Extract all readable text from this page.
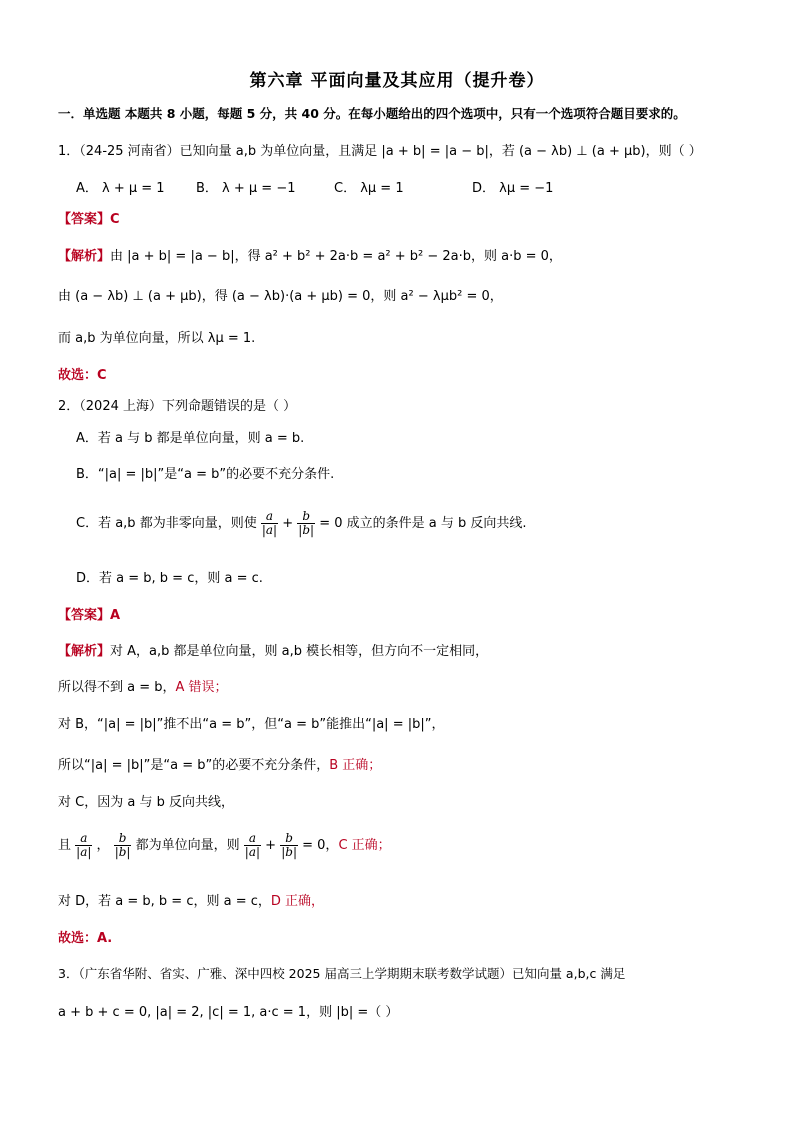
第六章 平面向量及其应用（提升卷）
一．单选题 本题共 8 小题，每题 5 分，共 40 分。在每小题给出的四个选项中，只有一个选项符合题目要求的。
1．（24-25 河南省）已知向量 a,b 为单位向量，且满足 |a + b| = |a − b|，若 (a − λb) ⊥ (a + μb)，则（ ）
A． λ + μ = 1 B． λ + μ = −1	C． λμ = 1	D． λμ = −1
【答案】C
【解析】由 |a + b| = |a − b|，得 a² + b² + 2a·b = a² + b² − 2a·b，则 a·b = 0，
由 (a − λb) ⊥ (a + μb)，得 (a − λb)·(a + μb) = 0，则 a² − λμb² = 0，
而 a,b 为单位向量，所以 λμ = 1.
故选：C
2．（2024 上海）下列命题错误的是（ ）
A．若 a 与 b 都是单位向量，则 a = b.
B．“|a| = |b|”是“a = b”的必要不充分条件.
C．若 a,b 都为非零向量，则使 $\frac{a}{|a|} + \frac{b}{|b|} = 0$ 成立的条件是 a 与 b 反向共线.
D．若 a = b, b = c，则 a = c.
【答案】A
【解析】对 A，a,b 都是单位向量，则 a,b 模长相等，但方向不一定相同，
所以得不到 a = b，A 错误；
对 B，“|a| = |b|”推不出“a = b”，但“a = b”能推出“|a| = |b|”，
所以“|a| = |b|”是“a = b”的必要不充分条件，B 正确；
对 C，因为 a 与 b 反向共线，
且 $\frac{a}{|a|}$ ， $\frac{b}{|b|}$ 都为单位向量，则 $\frac{a}{|a|} + \frac{b}{|b|} = 0$，C 正确；
对 D，若 a = b, b = c，则 a = c，D 正确，
故选：A.
3．（广东省华附、省实、广雅、深中四校 2025 届高三上学期期末联考数学试题）已知向量 a,b,c 满足
a + b + c = 0, |a| = 2, |c| = 1, a·c = 1，则 |b| =（ ）
